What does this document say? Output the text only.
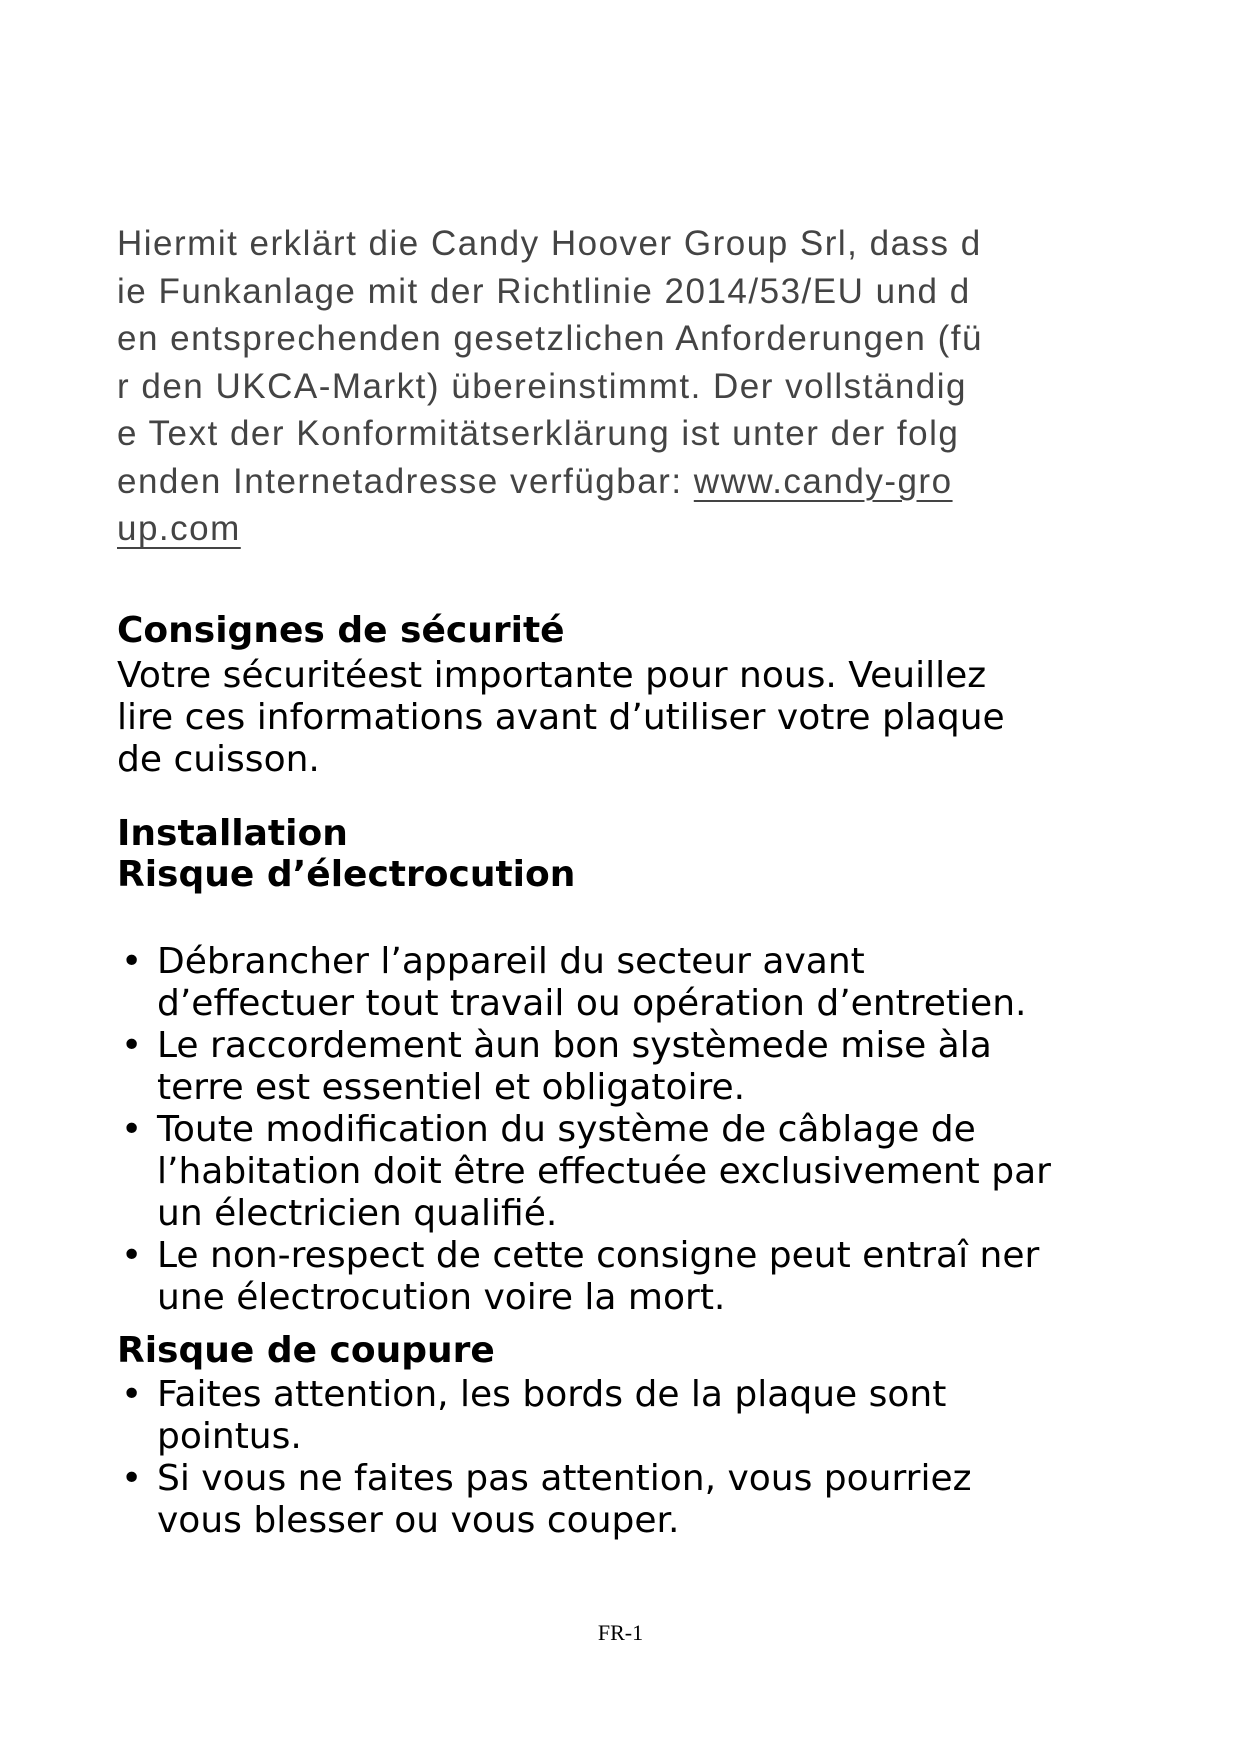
Hiermit erklärt die Candy Hoover Group Srl, dass d
ie Funkanlage mit der Richtlinie 2014/53/EU und d
en entsprechenden gesetzlichen Anforderungen (fü
r den UKCA-Markt) übereinstimmt. Der vollständig
e Text der Konformitätserklärung ist unter der folg
enden Internetadresse verfügbar: www.candy-gro
up.com
Consignes de sécurité
Votre sécuritéest importante pour nous. Veuillez
lire ces informations avant d’utiliser votre plaque
de cuisson.
Installation
Risque d’électrocution
• Débrancher l’appareil du secteur avant
d’effectuer tout travail ou opération d’entretien.
• Le raccordement àun bon systèmede mise àla
terre est essentiel et obligatoire.
• Toute modification du système de câblage de
l’habitation doit être effectuée exclusivement par
un électricien qualifié.
• Le non-respect de cette consigne peut entraî ner
une électrocution voire la mort.
Risque de coupure
• Faites attention, les bords de la plaque sont
pointus.
• Si vous ne faites pas attention, vous pourriez
vous blesser ou vous couper.
FR-1
